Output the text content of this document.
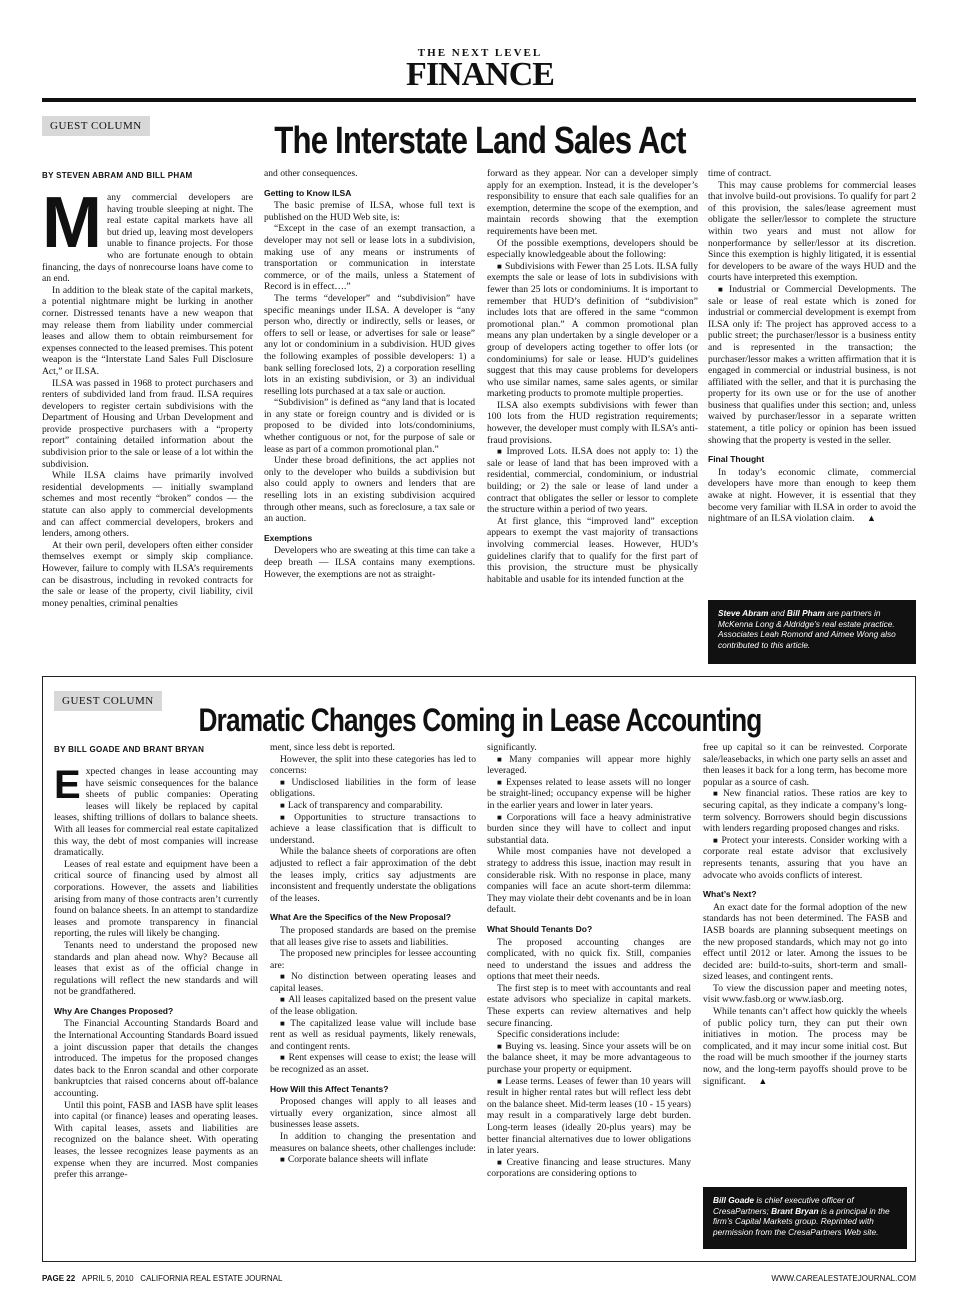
THE NEXT LEVEL
FINANCE
GUEST COLUMN	The Interstate Land Sales Act
BY STEVEN ABRAM AND BILL PHAM
M any commercial developers are having trouble sleeping at night. The real estate capital markets have all but dried up, leaving most developers unable to finance projects. For those who are fortunate enough to obtain financing, the days of nonrecourse loans have come to an end.

In addition to the bleak state of the capital markets, a potential nightmare might be lurking in another corner. Distressed tenants have a new weapon that may release them from liability under commercial leases and allow them to obtain reimbursement for expenses connected to the leased premises. This potent weapon is the “Interstate Land Sales Full Disclosure Act,” or ILSA.

ILSA was passed in 1968 to protect purchasers and renters of subdivided land from fraud. ILSA requires developers to register certain subdivisions with the Department of Housing and Urban Development and provide prospective purchasers with a “property report” containing detailed information about the subdivision prior to the sale or lease of a lot within the subdivision.

While ILSA claims have primarily involved residential developments — initially swampland schemes and most recently “broken” condos — the statute can also apply to commercial developments and can affect commercial developers, brokers and lenders, among others.

At their own peril, developers often either consider themselves exempt or simply skip compliance. However, failure to comply with ILSA’s requirements can be disastrous, including in revoked contracts for the sale or lease of the property, civil liability, civil money penalties, criminal penalties

and other consequences.

Getting to Know ILSA

The basic premise of ILSA, whose full text is published on the HUD Web site, is:

“Except in the case of an exempt transaction, a developer may not sell or lease lots in a subdivision, making use of any means or instruments of transportation or communication in interstate commerce, or of the mails, unless a Statement of Record is in effect….”

The terms “developer” and “subdivision” have specific meanings under ILSA. A developer is “any person who, directly or indirectly, sells or leases, or offers to sell or lease, or advertises for sale or lease” any lot or condominium in a subdivision. HUD gives the following examples of possible developers: 1) a bank selling foreclosed lots, 2) a corporation reselling lots in an existing subdivision, or 3) an individual reselling lots purchased at a tax sale or auction.

“Subdivision” is defined as “any land that is located in any state or foreign country and is divided or is proposed to be divided into lots/condominiums, whether contiguous or not, for the purpose of sale or lease as part of a common promotional plan.”

Under these broad definitions, the act applies not only to the developer who builds a subdivision but also could apply to owners and lenders that are reselling lots in an existing subdivision acquired through other means, such as foreclosure, a tax sale or an auction.

Exemptions

Developers who are sweating at this time can take a deep breath — ILSA contains many exemptions. However, the exemptions are not as straight-

forward as they appear. Nor can a developer simply apply for an exemption. Instead, it is the developer’s responsibility to ensure that each sale qualifies for an exemption, determine the scope of the exemption, and maintain records showing that the exemption requirements have been met.

Of the possible exemptions, developers should be especially knowledgeable about the following:

■ Subdivisions with Fewer than 25 Lots. ILSA fully exempts the sale or lease of lots in subdivisions with fewer than 25 lots or condominiums. It is important to remember that HUD’s definition of “subdivision” includes lots that are offered in the same “common promotional plan.” A common promotional plan means any plan undertaken by a single developer or a group of developers acting together to offer lots (or condominiums) for sale or lease. HUD’s guidelines suggest that this may cause problems for developers who use similar names, same sales agents, or similar marketing products to promote multiple properties.

ILSA also exempts subdivisions with fewer than 100 lots from the HUD registration requirements; however, the developer must comply with ILSA’s anti-fraud provisions.

■ Improved Lots. ILSA does not apply to: 1) the sale or lease of land that has been improved with a residential, commercial, condominium, or industrial building; or 2) the sale or lease of land under a contract that obligates the seller or lessor to complete the structure within a period of two years.

At first glance, this “improved land” exception appears to exempt the vast majority of transactions involving commercial leases. However, HUD’s guidelines clarify that to qualify for the first part of this provision, the structure must be physically habitable and usable for its intended function at the

time of contract.

This may cause problems for commercial leases that involve build-out provisions. To qualify for part 2 of this provision, the sales/lease agreement must obligate the seller/lessor to complete the structure within two years and must not allow for nonperformance by seller/lessor at its discretion. Since this exemption is highly litigated, it is essential for developers to be aware of the ways HUD and the courts have interpreted this exemption.

■ Industrial or Commercial Developments. The sale or lease of real estate which is zoned for industrial or commercial development is exempt from ILSA only if: The project has approved access to a public street; the purchaser/lessor is a business entity and is represented in the transaction; the purchaser/lessor makes a written affirmation that it is engaged in commercial or industrial business, is not affiliated with the seller, and that it is purchasing the property for its own use or for the use of another business that qualifies under this section; and, unless waived by purchaser/lessor in a separate written statement, a title policy or opinion has been issued showing that the property is vested in the seller.

Final Thought

In today’s economic climate, commercial developers have more than enough to keep them awake at night. However, it is essential that they become very familiar with ILSA in order to avoid the nightmare of an ILSA violation claim. ▲

Steve Abram and Bill Pham are partners in McKenna Long & Aldridge’s real estate practice. Associates Leah Romond and Aimee Wong also contributed to this article.
GUEST COLUMN
Dramatic Changes Coming in Lease Accounting
BY BILL GOADE AND BRANT BRYAN
E xpected changes in lease accounting may have seismic consequences for the balance sheets of public companies: Operating leases will likely be replaced by capital leases, shifting trillions of dollars to balance sheets. With all leases for commercial real estate capitalized this way, the debt of most companies will increase dramatically.

Leases of real estate and equipment have been a critical source of financing used by almost all corporations. However, the assets and liabilities arising from many of those contracts aren’t currently found on balance sheets. In an attempt to standardize leases and promote transparency in financial reporting, the rules will likely be changing.

Tenants need to understand the proposed new standards and plan ahead now. Why? Because all leases that exist as of the official change in regulations will reflect the new standards and will not be grandfathered.

Why Are Changes Proposed?

The Financial Accounting Standards Board and the International Accounting Standards Board issued a joint discussion paper that details the changes introduced. The impetus for the proposed changes dates back to the Enron scandal and other corporate bankruptcies that raised concerns about off-balance accounting.

Until this point, FASB and IASB have split leases into capital (or finance) leases and operating leases. With capital leases, assets and liabilities are recognized on the balance sheet. With operating leases, the lessee recognizes lease payments as an expense when they are incurred. Most companies prefer this arrange-

ment, since less debt is reported.

However, the split into these categories has led to concerns:

■ Undisclosed liabilities in the form of lease obligations.

■ Lack of transparency and comparability.

■ Opportunities to structure transactions to achieve a lease classification that is difficult to understand.

While the balance sheets of corporations are often adjusted to reflect a fair approximation of the debt the leases imply, critics say adjustments are inconsistent and frequently understate the obligations of the leases.

What Are the Specifics of the New Proposal?

The proposed standards are based on the premise that all leases give rise to assets and liabilities.

The proposed new principles for lessee accounting are:

■ No distinction between operating leases and capital leases.

■ All leases capitalized based on the present value of the lease obligation.

■ The capitalized lease value will include base rent as well as residual payments, likely renewals, and contingent rents.

■ Rent expenses will cease to exist; the lease will be recognized as an asset.

How Will this Affect Tenants?

Proposed changes will apply to all leases and virtually every organization, since almost all businesses lease assets.

In addition to changing the presentation and measures on balance sheets, other challenges include:

■ Corporate balance sheets will inflate

significantly.

■ Many companies will appear more highly leveraged.

■ Expenses related to lease assets will no longer be straight-lined; occupancy expense will be higher in the earlier years and lower in later years.

■ Corporations will face a heavy administrative burden since they will have to collect and input substantial data.

While most companies have not developed a strategy to address this issue, inaction may result in considerable risk. With no response in place, many companies will face an acute short-term dilemma: They may violate their debt covenants and be in loan default.

What Should Tenants Do?

The proposed accounting changes are complicated, with no quick fix. Still, companies need to understand the issues and address the options that meet their needs.

The first step is to meet with accountants and real estate advisors who specialize in capital markets. These experts can review alternatives and help secure financing.

Specific considerations include:

■ Buying vs. leasing. Since your assets will be on the balance sheet, it may be more advantageous to purchase your property or equipment.

■ Lease terms. Leases of fewer than 10 years will result in higher rental rates but will reflect less debt on the balance sheet. Mid-term leases (10 - 15 years) may result in a comparatively large debt burden. Long-term leases (ideally 20-plus years) may be better financial alternatives due to lower obligations in later years.

■ Creative financing and lease structures. Many corporations are considering options to

free up capital so it can be reinvested. Corporate sale/leasebacks, in which one party sells an asset and then leases it back for a long term, has become more popular as a source of cash.

■ New financial ratios. These ratios are key to securing capital, as they indicate a company’s long-term solvency. Borrowers should begin discussions with lenders regarding proposed changes and risks.

■ Protect your interests. Consider working with a corporate real estate advisor that exclusively represents tenants, assuring that you have an advocate who avoids conflicts of interest.

What’s Next?

An exact date for the formal adoption of the new standards has not been determined. The FASB and IASB boards are planning subsequent meetings on the new proposed standards, which may not go into effect until 2012 or later. Among the issues to be decided are: build-to-suits, short-term and small-sized leases, and contingent rents.

To view the discussion paper and meeting notes, visit www.fasb.org or www.iasb.org.

While tenants can’t affect how quickly the wheels of public policy turn, they can put their own initiatives in motion. The process may be complicated, and it may incur some initial cost. But the road will be much smoother if the journey starts now, and the long-term payoffs should prove to be significant. ▲

Bill Goade is chief executive officer of CresaPartners; Brant Bryan is a principal in the firm’s Capital Markets group. Reprinted with permission from the CresaPartners Web site.
PAGE 22 APRIL 5, 2010 CALIFORNIA REAL ESTATE JOURNAL	WWW.CAREALESTATEJOURNAL.COM
